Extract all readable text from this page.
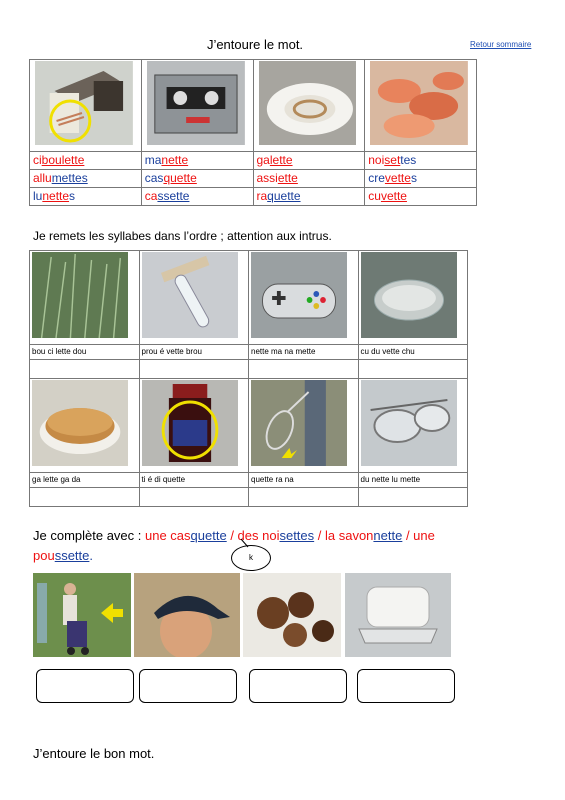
J’entoure le mot.	Retour sommaire

ciboulette	manette	galette	noisettes
allumettes	casquette	assiette	crevettes
lunettes	cassette	raquette	cuvette
Je remets les syllabes dans l’ordre ; attention aux intrus.

bou ci lette dou	prou é vette brou	nette ma na mette	cu du vette chu

ga lette ga da	ti é di quette	quette ra na	du nette lu mette

Je complète avec : une casquette / des noisettes / la savonnette / une poussette.	k
J’entoure le bon mot.
